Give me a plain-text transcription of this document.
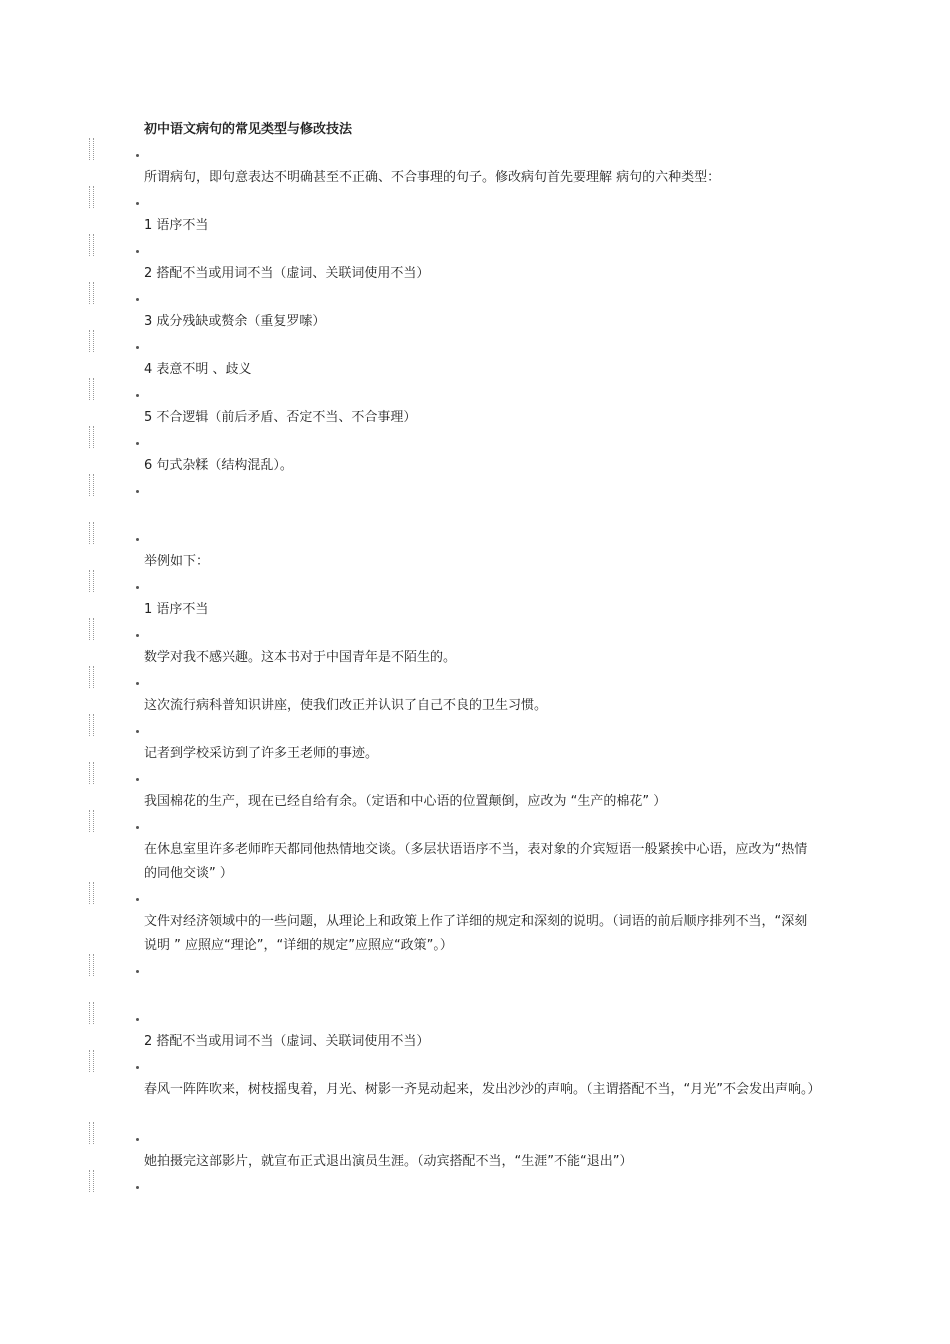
初中语文病句的常见类型与修改技法
所谓病句，即句意表达不明确甚至不正确、不合事理的句子。修改病句首先要理解 病句的六种类型：
1 语序不当
2 搭配不当或用词不当（虚词、关联词使用不当）
3 成分残缺或赘余（重复罗嗦）
4 表意不明 、歧义
5 不合逻辑（前后矛盾、否定不当、不合事理）
6 句式杂糅（结构混乱）。
举例如下：
1 语序不当
数学对我不感兴趣。这本书对于中国青年是不陌生的。
这次流行病科普知识讲座，使我们改正并认识了自己不良的卫生习惯。
记者到学校采访到了许多王老师的事迹。
我国棉花的生产，现在已经自给有余。（定语和中心语的位置颠倒，应改为 “生产的棉花” ）
在休息室里许多老师昨天都同他热情地交谈。（多层状语语序不当，表对象的介宾短语一般紧挨中心语，应改为“热情的同他交谈” ）
文件对经济领域中的一些问题，从理论上和政策上作了详细的规定和深刻的说明。（词语的前后顺序排列不当，“深刻说明 ” 应照应“理论”，“详细的规定”应照应“政策”。）
2 搭配不当或用词不当（虚词、关联词使用不当）
春风一阵阵吹来，树枝摇曳着，月光、树影一齐晃动起来，发出沙沙的声响。（主谓搭配不当，“月光”不会发出声响。）
她拍摄完这部影片，就宣布正式退出演员生涯。（动宾搭配不当，“生涯”不能“退出”）
